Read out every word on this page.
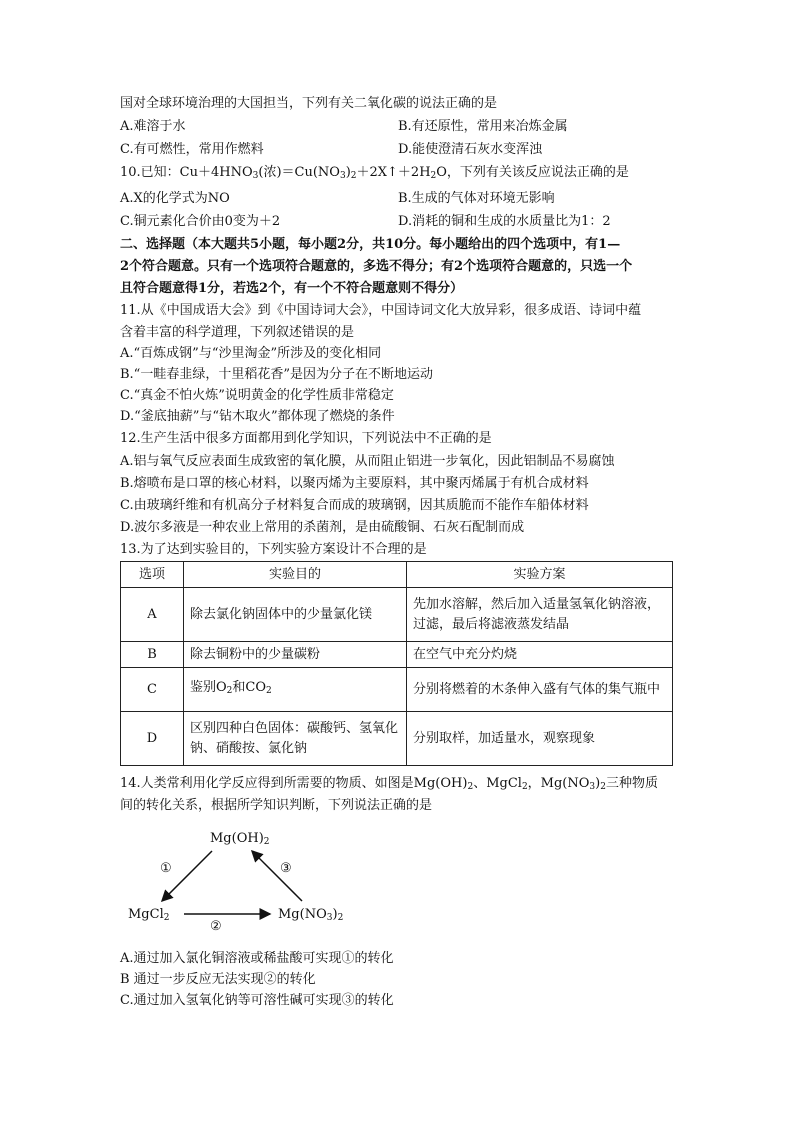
国对全球环境治理的大国担当，下列有关二氧化碳的说法正确的是
A.难溶于水	B.有还原性，常用来冶炼金属
C.有可燃性，常用作燃料	D.能使澄清石灰水变浑浊
10.已知：$Cu+4HNO_3$(浓)$=Cu(NO_3)_2+2X↑+2H_2O$，下列有关该反应说法正确的是
A.X的化学式为NO	B.生成的气体对环境无影响
C.铜元素化合价由0变为＋2	D.消耗的铜和生成的水质量比为1：2
二、选择题（本大题共5小题，每小题2分，共10分。每小题给出的四个选项中，有1—
2个符合题意。只有一个选项符合题意的，多选不得分；有2个选项符合题意的，只选一个
且符合题意得1分，若选2个，有一个不符合题意则不得分）
11.从《中国成语大会》到《中国诗词大会》，中国诗词文化大放异彩，很多成语、诗词中蕴
含着丰富的科学道理，下列叙述错误的是
A.“百炼成钢”与“沙里淘金”所涉及的变化相同
B.“一畦春韭绿，十里稻花香”是因为分子在不断地运动
C.“真金不怕火炼”说明黄金的化学性质非常稳定
D.“釜底抽薪”与“钻木取火”都体现了燃烧的条件
12.生产生活中很多方面都用到化学知识，下列说法中不正确的是
A.铝与氧气反应表面生成致密的氧化膜，从而阻止铝进一步氧化，因此铝制品不易腐蚀
B.熔喷布是口罩的核心材料，以聚丙烯为主要原料，其中聚丙烯属于有机合成材料
C.由玻璃纤维和有机高分子材料复合而成的玻璃钢，因其质脆而不能作车船体材料
D.波尔多液是一种农业上常用的杀菌剂，是由硫酸铜、石灰石配制而成
13.为了达到实验目的，下列实验方案设计不合理的是
选项	实验目的	实验方案
A	除去氯化钠固体中的少量氯化镁	先加水溶解，然后加入适量氢氧化钠溶液，过滤，最后将滤液蒸发结晶
B	除去铜粉中的少量碳粉	在空气中充分灼烧
C	鉴别$O_2$和$CO_2$	分别将燃着的木条伸入盛有气体的集气瓶中
D	区别四种白色固体：碳酸钙、氢氧化钠、硝酸按、氯化钠	分别取样，加适量水，观察现象
14.人类常利用化学反应得到所需要的物质、如图是$Mg(OH)_2$、MgCl$_2$，$Mg(NO_3)_2$三种物质
间的转化关系，根据所学知识判断，下列说法正确的是
$Mg(OH)_2$
MgCl$_2$	$Mg(NO_3)_2$
①
②
③
A.通过加入氯化铜溶液或稀盐酸可实现①的转化
B 通过一步反应无法实现②的转化
C.通过加入氢氧化钠等可溶性碱可实现③的转化
